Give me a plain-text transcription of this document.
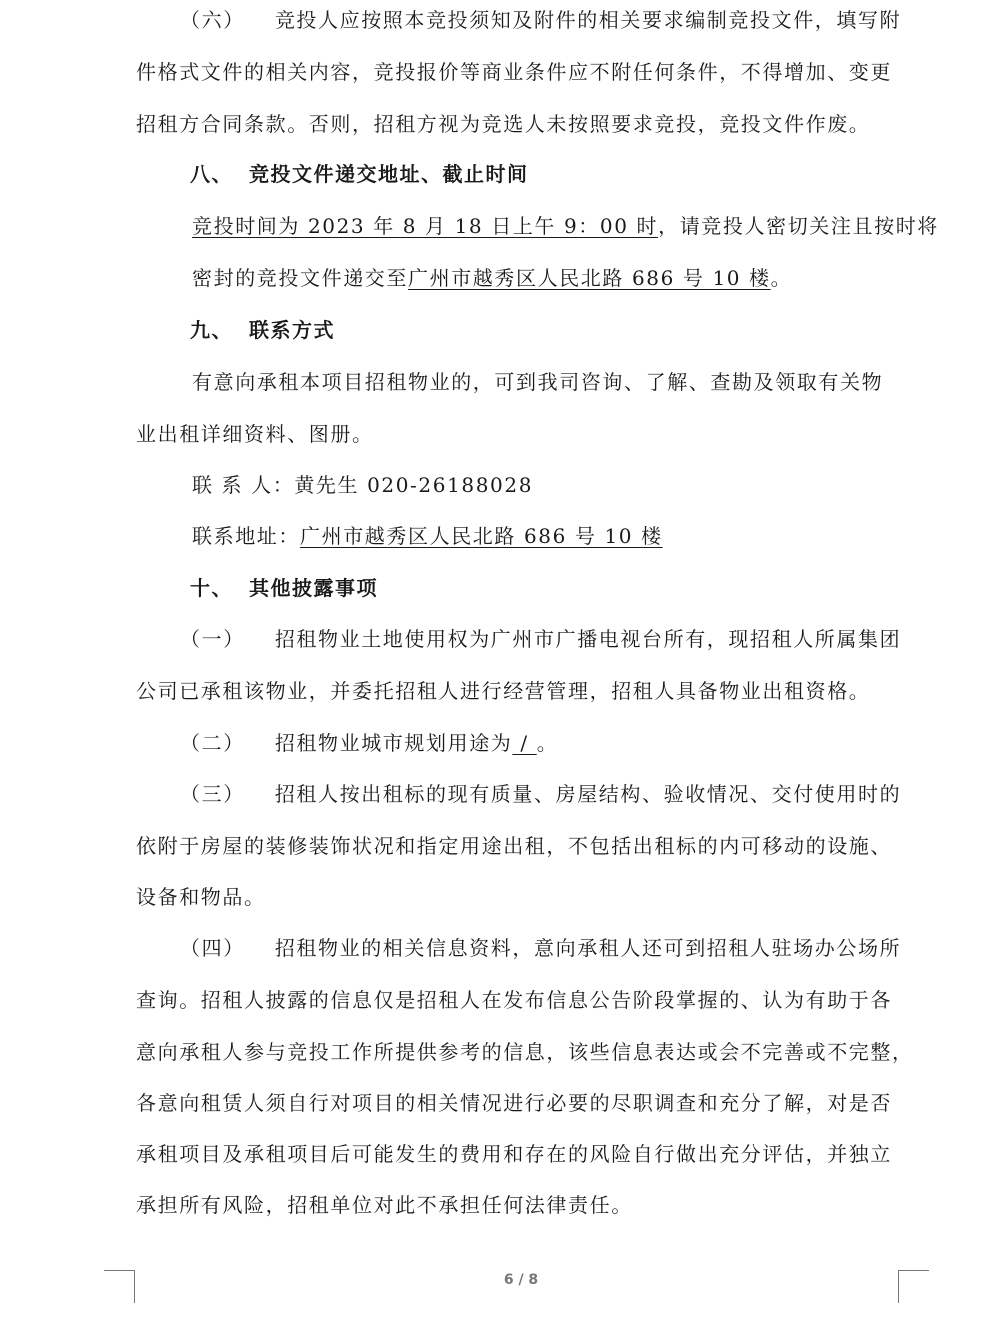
（六） 竞投人应按照本竞投须知及附件的相关要求编制竞投文件，填写附
件格式文件的相关内容，竞投报价等商业条件应不附任何条件，不得增加、变更
招租方合同条款。否则，招租方视为竞选人未按照要求竞投，竞投文件作废。
八、 竞投文件递交地址、截止时间
竞投时间为 2023 年 8 月 18 日上午 9：00 时，请竞投人密切关注且按时将
密封的竞投文件递交至广州市越秀区人民北路 686 号 10 楼。
九、 联系方式
有意向承租本项目招租物业的，可到我司咨询、了解、查勘及领取有关物
业出租详细资料、图册。
联 系 人：黄先生 020-26188028
联系地址：广州市越秀区人民北路 686 号 10 楼
十、 其他披露事项
（一） 招租物业土地使用权为广州市广播电视台所有，现招租人所属集团
公司已承租该物业，并委托招租人进行经营管理，招租人具备物业出租资格。
（二） 招租物业城市规划用途为 / 。
（三） 招租人按出租标的现有质量、房屋结构、验收情况、交付使用时的
依附于房屋的装修装饰状况和指定用途出租，不包括出租标的内可移动的设施、
设备和物品。
（四） 招租物业的相关信息资料，意向承租人还可到招租人驻场办公场所
查询。招租人披露的信息仅是招租人在发布信息公告阶段掌握的、认为有助于各
意向承租人参与竞投工作所提供参考的信息，该些信息表达或会不完善或不完整，
各意向租赁人须自行对项目的相关情况进行必要的尽职调查和充分了解，对是否
承租项目及承租项目后可能发生的费用和存在的风险自行做出充分评估，并独立
承担所有风险，招租单位对此不承担任何法律责任。
6 / 8
